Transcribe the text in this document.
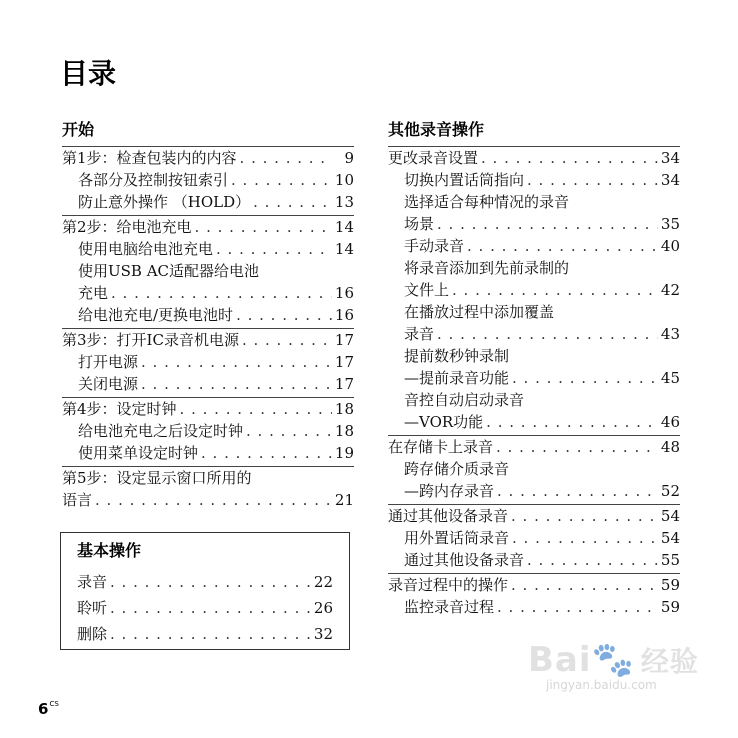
目录
开始
第1步：检查包装内的内容 . . .	9
各部分及控制按钮索引 . . .	10
防止意外操作 （HOLD） . . .	13
第2步：给电池充电 . . .	14
使用电脑给电池充电 . . .	14
使用USB AC适配器给电池
充电 . . .	16
给电池充电/更换电池时 . . .	16
第3步：打开IC录音机电源 . . .	17
打开电源 . . .	17
关闭电源 . . .	17
第4步：设定时钟 . . .	18
给电池充电之后设定时钟 . . .	18
使用菜单设定时钟 . . .	19
第5步：设定显示窗口所用的
语言 . . .	21
基本操作
录音 . . .	22
聆听 . . .	26
删除 . . .	32
其他录音操作
更改录音设置 . . .	34
切换内置话筒指向 . . .	34
选择适合每种情况的录音
场景 . . .	35
手动录音 . . .	40
将录音添加到先前录制的
文件上 . . .	42
在播放过程中添加覆盖
录音 . . .	43
提前数秒钟录制
—提前录音功能 . . .	45
音控自动启动录音
—VOR功能 . . .	46
在存储卡上录音 . . .	48
跨存储介质录音
—跨内存录音 . . .	52
通过其他设备录音 . . .	54
用外置话筒录音 . . .	54
通过其他设备录音 . . .	55
录音过程中的操作 . . .	59
监控录音过程 . . .	59
$6^{CS}$
Bai🐾 经验
jingyan.baidu.com
